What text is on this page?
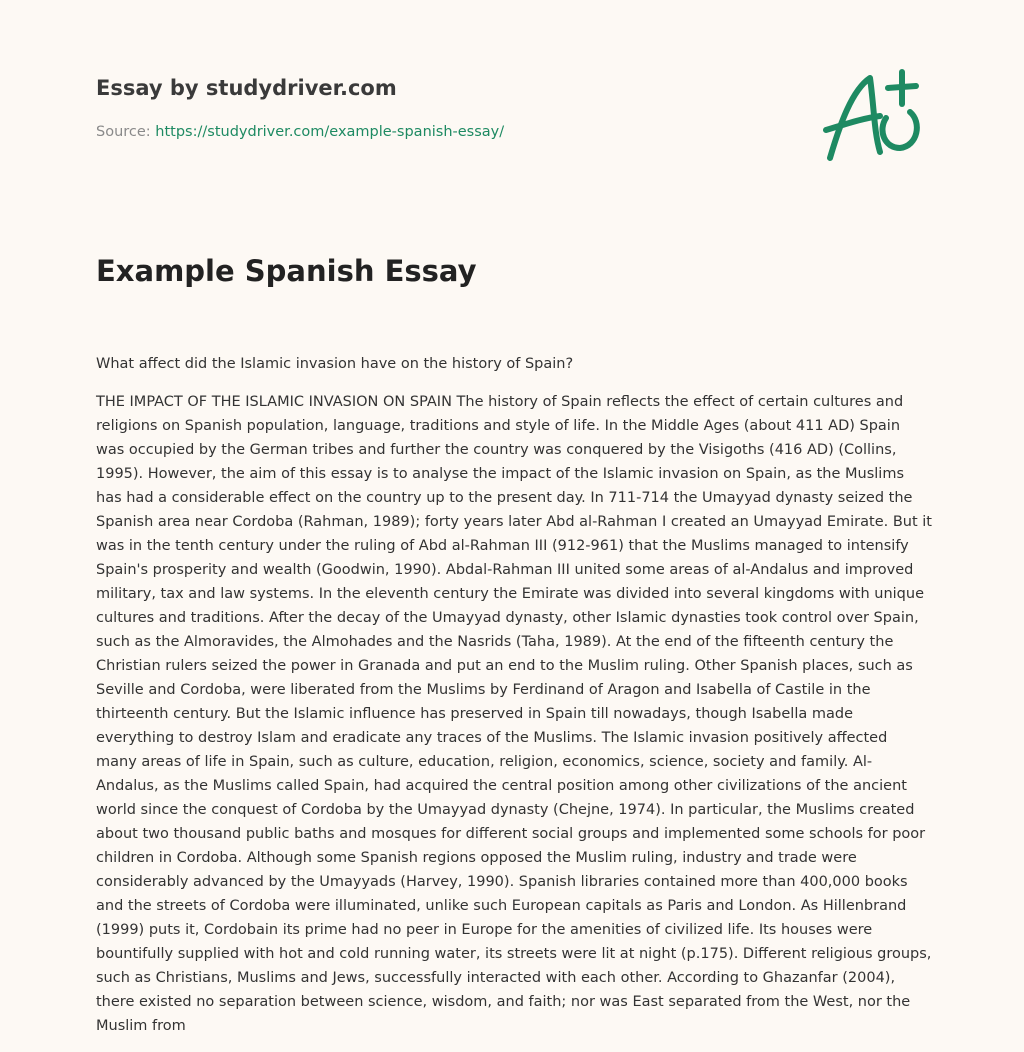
Essay by studydriver.com
Source: https://studydriver.com/example-spanish-essay/
Example Spanish Essay

What affect did the Islamic invasion have on the history of Spain?

THE IMPACT OF THE ISLAMIC INVASION ON SPAIN The history of Spain reflects the effect of certain cultures and religions on Spanish population, language, traditions and style of life. In the Middle Ages (about 411 AD) Spain was occupied by the German tribes and further the country was conquered by the Visigoths (416 AD) (Collins, 1995). However, the aim of this essay is to analyse the impact of the Islamic invasion on Spain, as the Muslims has had a considerable effect on the country up to the present day. In 711-714 the Umayyad dynasty seized the Spanish area near Cordoba (Rahman, 1989); forty years later Abd al-Rahman I created an Umayyad Emirate. But it was in the tenth century under the ruling of Abd al-Rahman III (912-961) that the Muslims managed to intensify Spain's prosperity and wealth (Goodwin, 1990). Abdal-Rahman III united some areas of al-Andalus and improved military, tax and law systems. In the eleventh century the Emirate was divided into several kingdoms with unique cultures and traditions. After the decay of the Umayyad dynasty, other Islamic dynasties took control over Spain, such as the Almoravides, the Almohades and the Nasrids (Taha, 1989). At the end of the fifteenth century the Christian rulers seized the power in Granada and put an end to the Muslim ruling. Other Spanish places, such as Seville and Cordoba, were liberated from the Muslims by Ferdinand of Aragon and Isabella of Castile in the thirteenth century. But the Islamic influence has preserved in Spain till nowadays, though Isabella made everything to destroy Islam and eradicate any traces of the Muslims. The Islamic invasion positively affected many areas of life in Spain, such as culture, education, religion, economics, science, society and family. Al-Andalus, as the Muslims called Spain, had acquired the central position among other civilizations of the ancient world since the conquest of Cordoba by the Umayyad dynasty (Chejne, 1974). In particular, the Muslims created about two thousand public baths and mosques for different social groups and implemented some schools for poor children in Cordoba. Although some Spanish regions opposed the Muslim ruling, industry and trade were considerably advanced by the Umayyads (Harvey, 1990). Spanish libraries contained more than 400,000 books and the streets of Cordoba were illuminated, unlike such European capitals as Paris and London. As Hillenbrand (1999) puts it, Cordobain its prime had no peer in Europe for the amenities of civilized life. Its houses were bountifully supplied with hot and cold running water, its streets were lit at night (p.175). Different religious groups, such as Christians, Muslims and Jews, successfully interacted with each other. According to Ghazanfar (2004), there existed no separation between science, wisdom, and faith; nor was East separated from the West, nor the Muslim from
